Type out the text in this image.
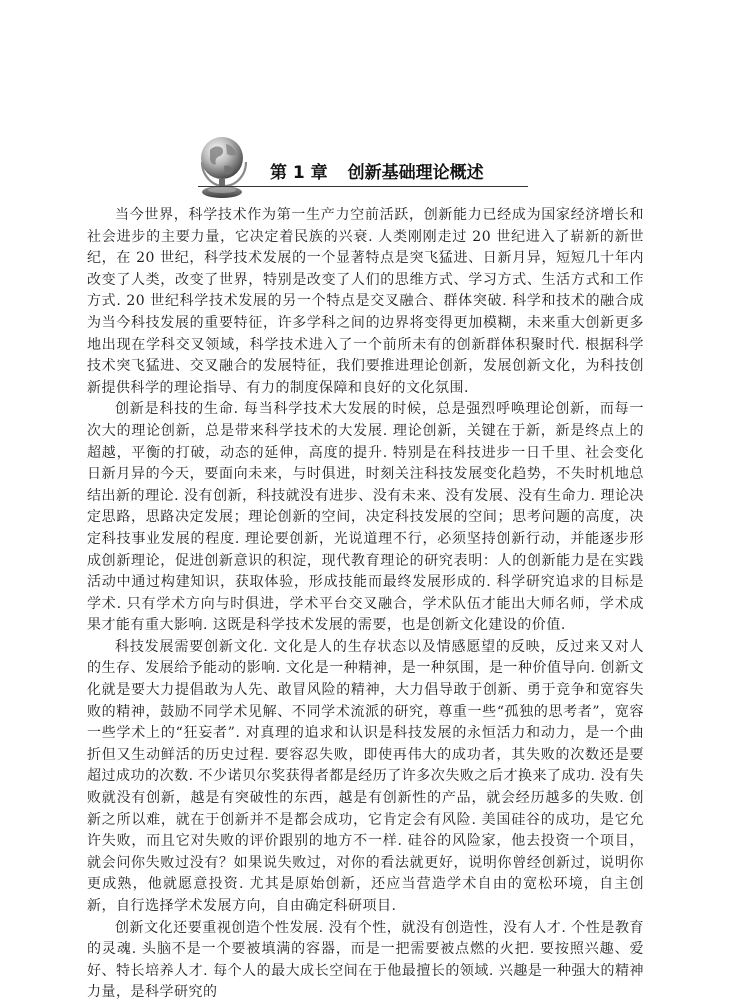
第 1 章 创新基础理论概述

当今世界，科学技术作为第一生产力空前活跃，创新能力已经成为国家经济增长和社会进步的主要力量，它决定着民族的兴衰. 人类刚刚走过 20 世纪进入了崭新的新世纪，在 20 世纪，科学技术发展的一个显著特点是突飞猛进、日新月异，短短几十年内改变了人类，改变了世界，特别是改变了人们的思维方式、学习方式、生活方式和工作方式. 20 世纪科学技术发展的另一个特点是交叉融合、群体突破. 科学和技术的融合成为当今科技发展的重要特征，许多学科之间的边界将变得更加模糊，未来重大创新更多地出现在学科交叉领域，科学技术进入了一个前所未有的创新群体积聚时代. 根据科学技术突飞猛进、交叉融合的发展特征，我们要推进理论创新，发展创新文化，为科技创新提供科学的理论指导、有力的制度保障和良好的文化氛围.

创新是科技的生命. 每当科学技术大发展的时候，总是强烈呼唤理论创新，而每一次大的理论创新，总是带来科学技术的大发展. 理论创新，关键在于新，新是终点上的超越，平衡的打破，动态的延伸，高度的提升. 特别是在科技进步一日千里、社会变化日新月异的今天，要面向未来，与时俱进，时刻关注科技发展变化趋势，不失时机地总结出新的理论. 没有创新，科技就没有进步、没有未来、没有发展、没有生命力. 理论决定思路，思路决定发展；理论创新的空间，决定科技发展的空间；思考问题的高度，决定科技事业发展的程度. 理论要创新，光说道理不行，必须坚持创新行动，并能逐步形成创新理论，促进创新意识的积淀，现代教育理论的研究表明：人的创新能力是在实践活动中通过构建知识，获取体验，形成技能而最终发展形成的. 科学研究追求的目标是学术. 只有学术方向与时俱进，学术平台交叉融合，学术队伍才能出大师名师，学术成果才能有重大影响. 这既是科学技术发展的需要，也是创新文化建设的价值.

科技发展需要创新文化. 文化是人的生存状态以及情感愿望的反映，反过来又对人的生存、发展给予能动的影响. 文化是一种精神，是一种氛围，是一种价值导向. 创新文化就是要大力提倡敢为人先、敢冒风险的精神，大力倡导敢于创新、勇于竞争和宽容失败的精神，鼓励不同学术见解、不同学术流派的研究，尊重一些“孤独的思考者”，宽容一些学术上的“狂妄者”. 对真理的追求和认识是科技发展的永恒活力和动力，是一个曲折但又生动鲜活的历史过程. 要容忍失败，即使再伟大的成功者，其失败的次数还是要超过成功的次数. 不少诺贝尔奖获得者都是经历了许多次失败之后才换来了成功. 没有失败就没有创新，越是有突破性的东西，越是有创新性的产品，就会经历越多的失败. 创新之所以难，就在于创新并不是都会成功，它肯定会有风险. 美国硅谷的成功，是它允许失败，而且它对失败的评价跟别的地方不一样. 硅谷的风险家，他去投资一个项目，就会问你失败过没有？如果说失败过，对你的看法就更好，说明你曾经创新过，说明你更成熟，他就愿意投资. 尤其是原始创新，还应当营造学术自由的宽松环境，自主创新，自行选择学术发展方向，自由确定科研项目.

创新文化还要重视创造个性发展. 没有个性，就没有创造性，没有人才. 个性是教育的灵魂. 头脑不是一个要被填满的容器，而是一把需要被点燃的火把. 要按照兴趣、爱好、特长培养人才. 每个人的最大成长空间在于他最擅长的领域. 兴趣是一种强大的精神力量，是科学研究的
